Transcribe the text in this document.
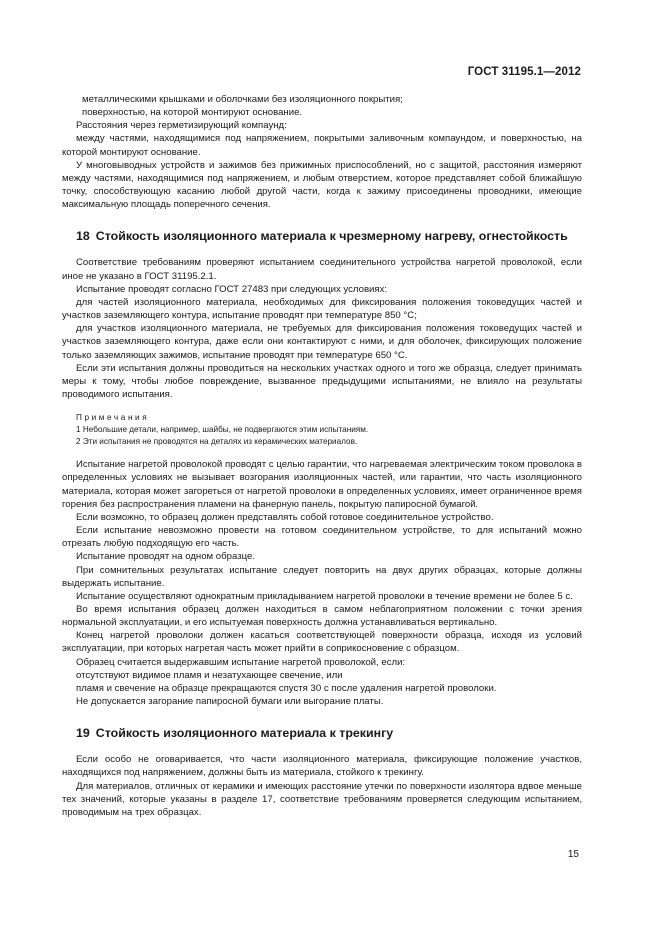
ГОСТ 31195.1—2012

металлическими крышками и оболочками без изоляционного покрытия;

поверхностью, на которой монтируют основание.

Расстояния через герметизирующий компаунд:

между частями, находящимися под напряжением, покрытыми заливочным компаундом, и поверхностью, на которой монтируют основание.

У многовыводных устройств и зажимов без прижимных приспособлений, но с защитой, расстояния измеряют между частями, находящимися под напряжением, и любым отверстием, которое представляет собой ближайшую точку, способствующую касанию любой другой части, когда к зажиму присоединены проводники, имеющие максимальную площадь поперечного сечения.

18 Стойкость изоляционного материала к чрезмерному нагреву, огнестойкость

Соответствие требованиям проверяют испытанием соединительного устройства нагретой проволокой, если иное не указано в ГОСТ 31195.2.1.

Испытание проводят согласно ГОСТ 27483 при следующих условиях:

для частей изоляционного материала, необходимых для фиксирования положения токоведущих частей и участков заземляющего контура, испытание проводят при температуре 850 °С;

для участков изоляционного материала, не требуемых для фиксирования положения токоведущих частей и участков заземляющего контура, даже если они контактируют с ними, и для оболочек, фиксирующих положение только заземляющих зажимов, испытание проводят при температуре 650 °С.

Если эти испытания должны проводиться на нескольких участках одного и того же образца, следует принимать меры к тому, чтобы любое повреждение, вызванное предыдущими испытаниями, не влияло на результаты проводимого испытания.

Примечания

1 Небольшие детали, например, шайбы, не подвергаются этим испытаниям.

2 Эти испытания не проводятся на деталях из керамических материалов.

Испытание нагретой проволокой проводят с целью гарантии, что нагреваемая электрическим током проволока в определенных условиях не вызывает возгорания изоляционных частей, или гарантии, что часть изоляционного материала, которая может загореться от нагретой проволоки в определенных условиях, имеет ограниченное время горения без распространения пламени на фанерную панель, покрытую папиросной бумагой.

Если возможно, то образец должен представлять собой готовое соединительное устройство.

Если испытание невозможно провести на готовом соединительном устройстве, то для испытаний можно отрезать любую подходящую его часть.

Испытание проводят на одном образце.

При сомнительных результатах испытание следует повторить на двух других образцах, которые должны выдержать испытание.

Испытание осуществляют однократным прикладыванием нагретой проволоки в течение времени не более 5 с.

Во время испытания образец должен находиться в самом неблагоприятном положении с точки зрения нормальной эксплуатации, и его испытуемая поверхность должна устанавливаться вертикально.

Конец нагретой проволоки должен касаться соответствующей поверхности образца, исходя из условий эксплуатации, при которых нагретая часть может прийти в соприкосновение с образцом.

Образец считается выдержавшим испытание нагретой проволокой, если:

отсутствуют видимое пламя и незатухающее свечение, или

пламя и свечение на образце прекращаются спустя 30 с после удаления нагретой проволоки.

Не допускается загорание папиросной бумаги или выгорание платы.

19 Стойкость изоляционного материала к трекингу

Если особо не оговаривается, что части изоляционного материала, фиксирующие положение участков, находящихся под напряжением, должны быть из материала, стойкого к трекингу.

Для материалов, отличных от керамики и имеющих расстояние утечки по поверхности изолятора вдвое меньше тех значений, которые указаны в разделе 17, соответствие требованиям проверяется следующим испытанием, проводимым на трех образцах.

15
